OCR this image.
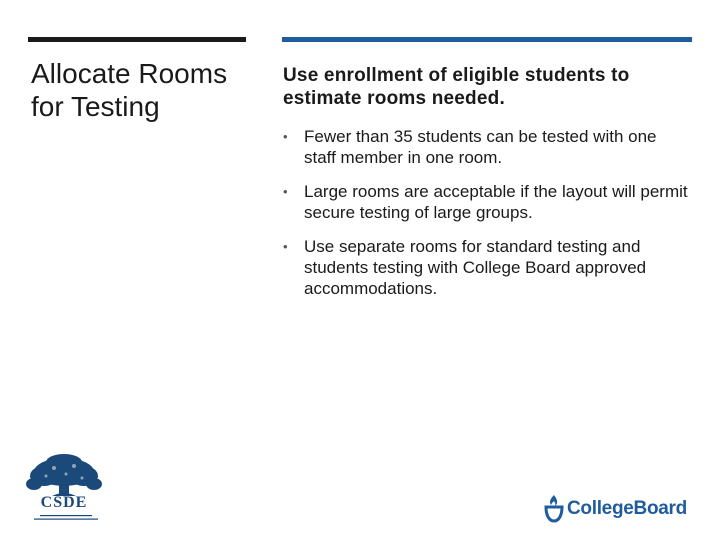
Allocate Rooms for Testing

Use enrollment of eligible students to estimate rooms needed.

• Fewer than 35 students can be tested with one staff member in one room.
• Large rooms are acceptable if the layout will permit secure testing of large groups.
• Use separate rooms for standard testing and students testing with College Board approved accommodations.
CSDE	CollegeBoard
